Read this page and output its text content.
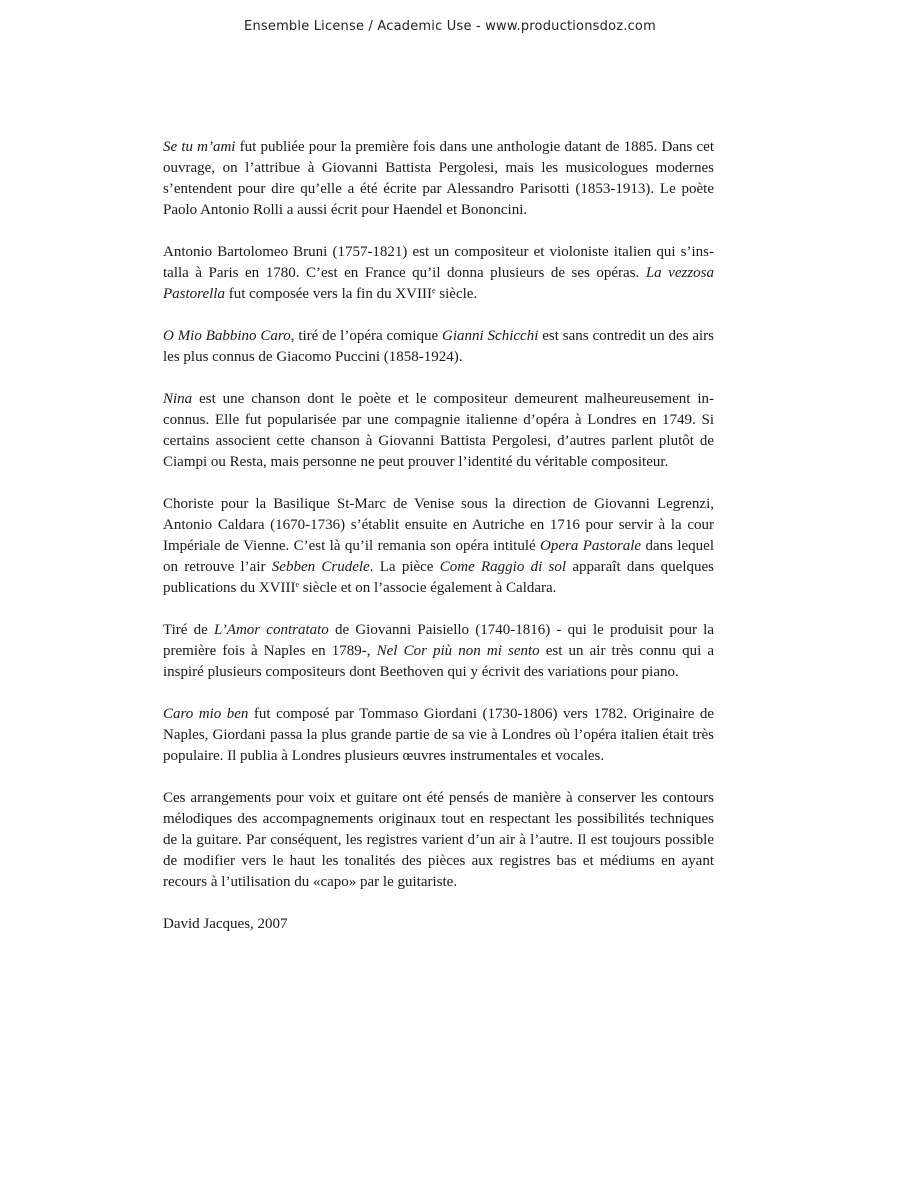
Ensemble License / Academic Use - www.productionsdoz.com

Se tu m’ami fut publiée pour la première fois dans une anthologie datant de 1885. Dans cet ouvrage, on l’attribue à Giovanni Battista Pergolesi, mais les musicologues modernes s’entendent pour dire qu’elle a été écrite par Alessandro Parisotti (1853-1913). Le poète Paolo Antonio Rolli a aussi écrit pour Haendel et Bononcini.

Antonio Bartolomeo Bruni (1757-1821) est un compositeur et violoniste italien qui s’installa à Paris en 1780. C’est en France qu’il donna plusieurs de ses opéras. La vezzosa Pastorella fut composée vers la fin du XVIIIe siècle.

O Mio Babbino Caro, tiré de l’opéra comique Gianni Schicchi est sans contredit un des airs les plus connus de Giacomo Puccini (1858-1924).

Nina est une chanson dont le poète et le compositeur demeurent malheureusement inconnus. Elle fut popularisée par une compagnie italienne d’opéra à Londres en 1749. Si certains associent cette chanson à Giovanni Battista Pergolesi, d’autres parlent plutôt de Ciampi ou Resta, mais personne ne peut prouver l’identité du véritable compositeur.

Choriste pour la Basilique St-Marc de Venise sous la direction de Giovanni Legrenzi, Antonio Caldara (1670-1736) s’établit ensuite en Autriche en 1716 pour servir à la cour Impériale de Vienne. C’est là qu’il remania son opéra intitulé Opera Pastorale dans lequel on retrouve l’air Sebben Crudele. La pièce Come Raggio di sol apparaît dans quelques publications du XVIIIe siècle et on l’associe également à Caldara.

Tiré de L’Amor contratato de Giovanni Paisiello (1740-1816) - qui le produisit pour la première fois à Naples en 1789-, Nel Cor più non mi sento est un air très connu qui a inspiré plusieurs compositeurs dont Beethoven qui y écrivit des variations pour piano.

Caro mio ben fut composé par Tommaso Giordani (1730-1806) vers 1782. Originaire de Naples, Giordani passa la plus grande partie de sa vie à Londres où l’opéra italien était très populaire. Il publia à Londres plusieurs œuvres instrumentales et vocales.

Ces arrangements pour voix et guitare ont été pensés de manière à conserver les contours mélodiques des accompagnements originaux tout en respectant les possibilités techniques de la guitare. Par conséquent, les registres varient d’un air à l’autre. Il est toujours possible de modifier vers le haut les tonalités des pièces aux registres bas et médiums en ayant recours à l’utilisation du «capo» par le guitariste.

David Jacques, 2007
